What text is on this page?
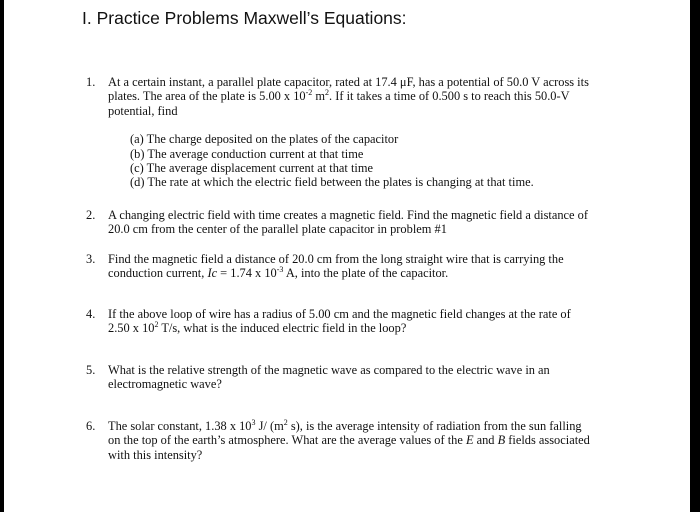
I. Practice Problems Maxwell’s Equations:
1.	At a certain instant, a parallel plate capacitor, rated at 17.4 μF, has a potential of 50.0 V across its
plates. The area of the plate is 5.00 x $10^{-2}$ $m^2$. If it takes a time of 0.500 s to reach this 50.0-V
potential, find
(a) The charge deposited on the plates of the capacitor
(b) The average conduction current at that time
(c) The average displacement current at that time
(d) The rate at which the electric field between the plates is changing at that time.
2.	A changing electric field with time creates a magnetic field. Find the magnetic field a distance of
20.0 cm from the center of the parallel plate capacitor in problem #1
3.	Find the magnetic field a distance of 20.0 cm from the long straight wire that is carrying the
conduction current, Ic = 1.74 x $10^{-3}$ A, into the plate of the capacitor.
4.	If the above loop of wire has a radius of 5.00 cm and the magnetic field changes at the rate of
2.50 x $10^2$ T/s, what is the induced electric field in the loop?
5.	What is the relative strength of the magnetic wave as compared to the electric wave in an
electromagnetic wave?
6.	The solar constant, 1.38 x $10^3$ J/ ($m^2$ s), is the average intensity of radiation from the sun falling
on the top of the earth’s atmosphere. What are the average values of the E and B fields associated
with this intensity?
